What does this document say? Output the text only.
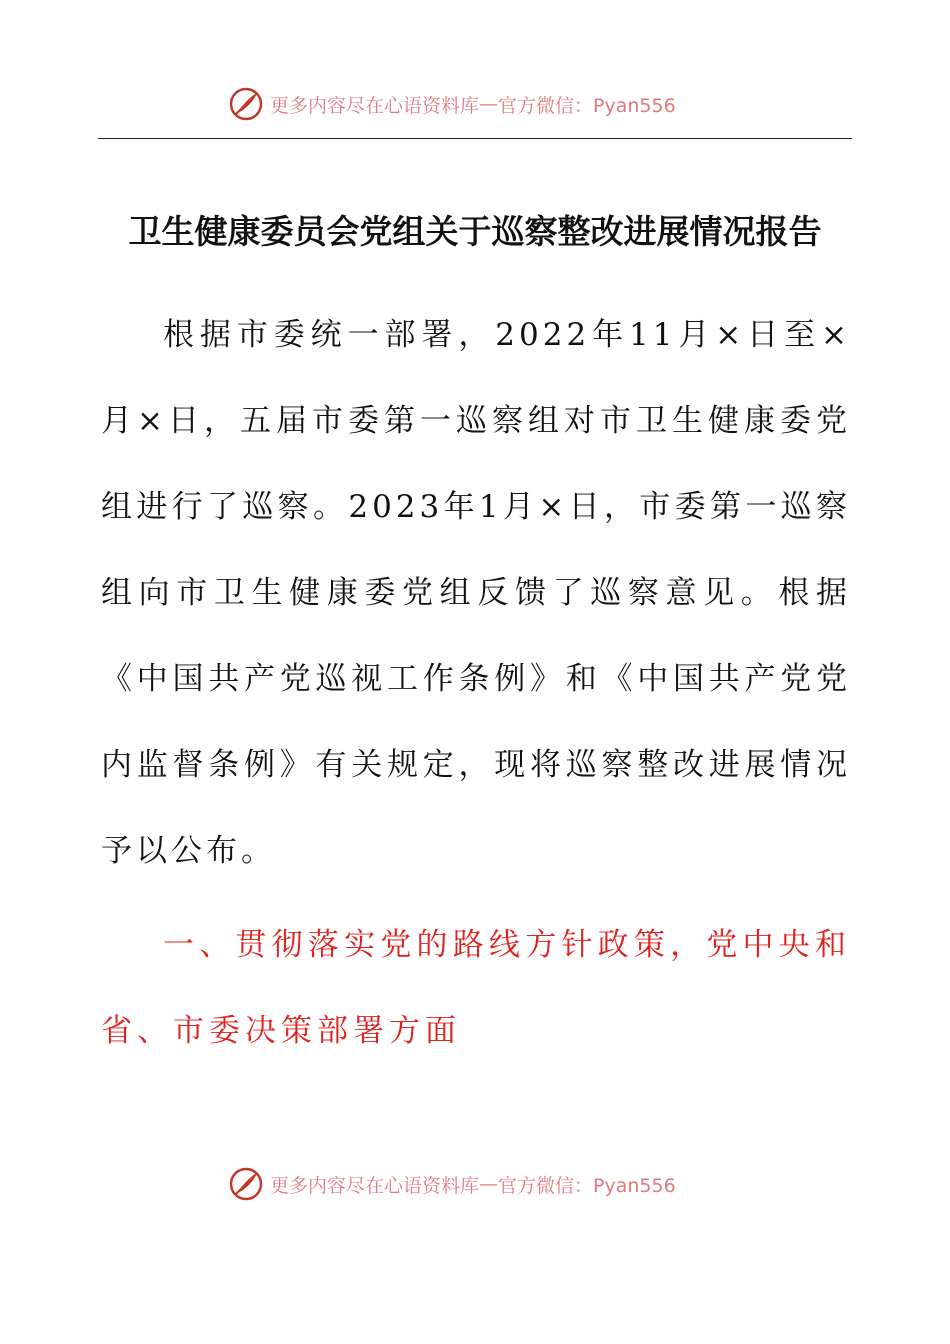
更多内容尽在心语资料库 — 官方微信：Pyan556
卫生健康委员会党组关于巡察整改进展情况报告
根据市委统一部署，2022年11月×日至×月×日，五届市委第一巡察组对市卫生健康委党组进行了巡察。2023年1月×日，市委第一巡察组向市卫生健康委党组反馈了巡察意见。根据《中国共产党巡视工作条例》和《中国共产党党内监督条例》有关规定，现将巡察整改进展情况予以公布。
一、贯彻落实党的路线方针政策，党中央和省、市委决策部署方面
更多内容尽在心语资料库 — 官方微信：Pyan556
